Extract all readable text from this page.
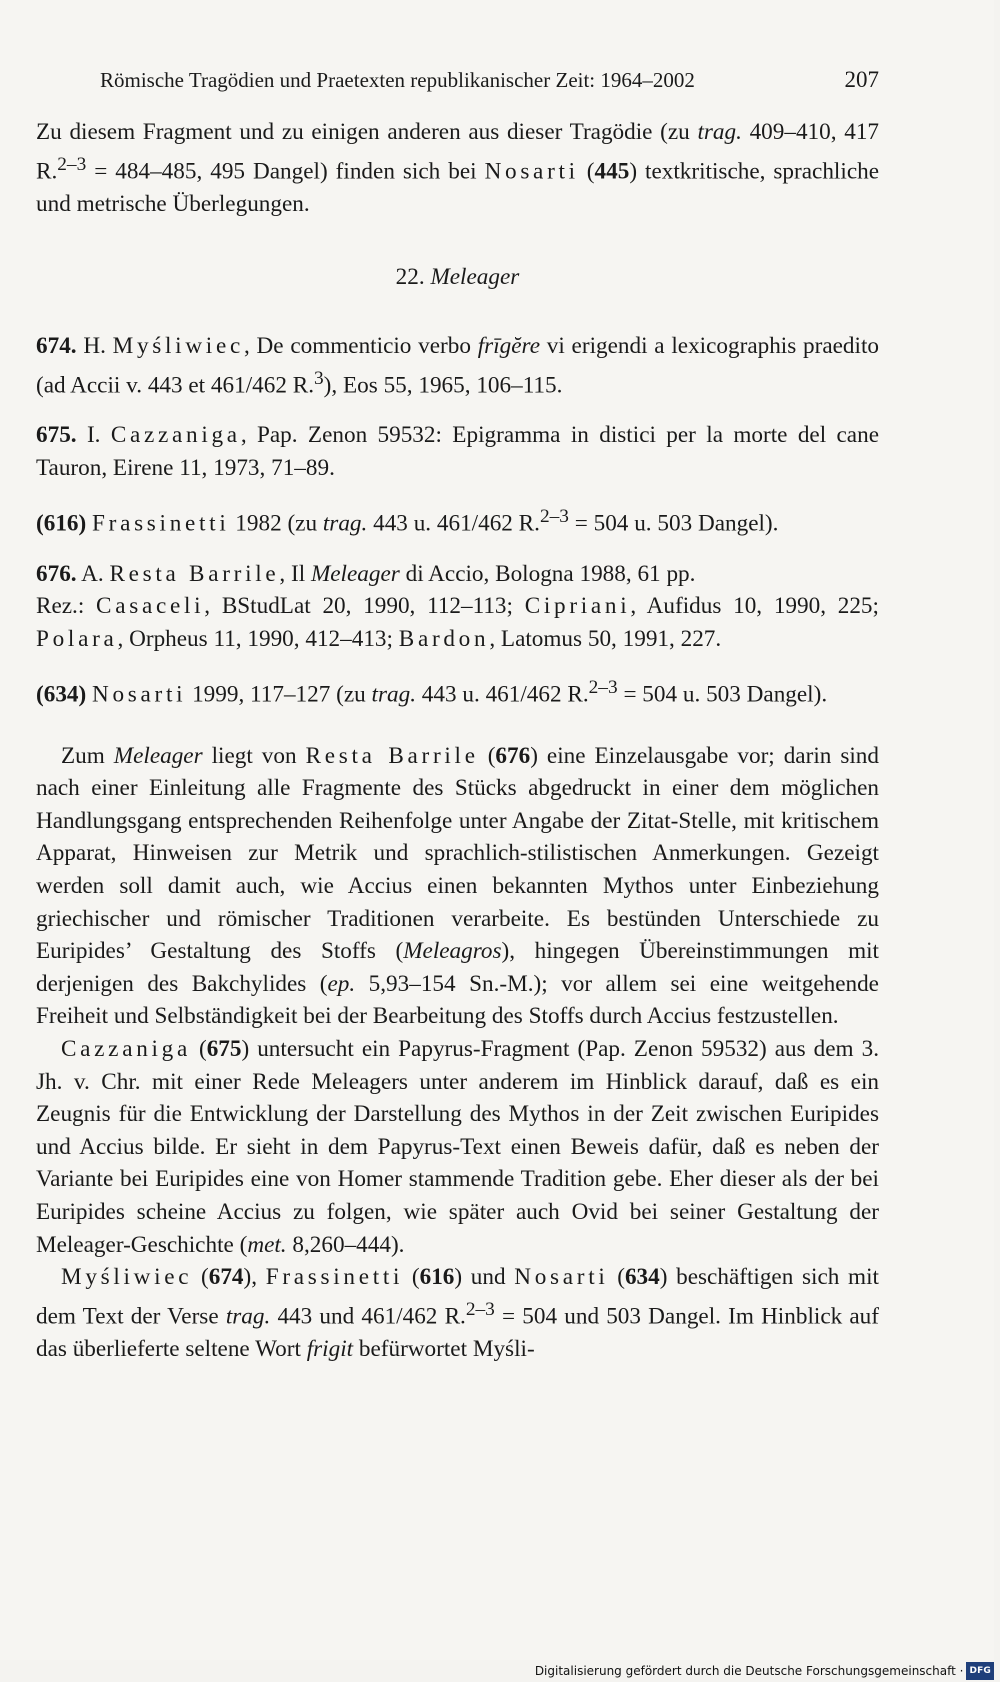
Römische Tragödien und Praetexten republikanischer Zeit: 1964–2002	207

Zu diesem Fragment und zu einigen anderen aus dieser Tragödie (zu trag. 409–410, 417 R.$^{2-3}$ = 484–485, 495 Dangel) finden sich bei Nosarti (445) textkritische, sprachliche und metrische Überlegungen.

22. Meleager

674. H. Myśliwiec, De commenticio verbo frīgĕre vi erigendi a lexicographis praedito (ad Accii v. 443 et 461/462 R.$^3$), Eos 55, 1965, 106–115.

675. I. Cazzaniga, Pap. Zenon 59532: Epigramma in distici per la morte del cane Tauron, Eirene 11, 1973, 71–89.

(616) Frassinetti 1982 (zu trag. 443 u. 461/462 R.$^{2-3}$ = 504 u. 503 Dangel).

676. A. Resta Barrile, Il Meleager di Accio, Bologna 1988, 61 pp.

Rez.: Casaceli, BStudLat 20, 1990, 112–113; Cipriani, Aufidus 10, 1990, 225; Polara, Orpheus 11, 1990, 412–413; Bardon, Latomus 50, 1991, 227.

(634) Nosarti 1999, 117–127 (zu trag. 443 u. 461/462 R.$^{2-3}$ = 504 u. 503 Dangel).

Zum Meleager liegt von Resta Barrile (676) eine Einzelausgabe vor; darin sind nach einer Einleitung alle Fragmente des Stücks abgedruckt in einer dem möglichen Handlungsgang entsprechenden Reihenfolge unter Angabe der Zitat-Stelle, mit kritischem Apparat, Hinweisen zur Metrik und sprachlich-stilistischen Anmerkungen. Gezeigt werden soll damit auch, wie Accius einen bekannten Mythos unter Einbeziehung griechischer und römischer Traditionen verarbeite. Es bestünden Unterschiede zu Euripides’ Gestaltung des Stoffs (Meleagros), hingegen Übereinstimmungen mit derjenigen des Bakchylides (ep. 5,93–154 Sn.-M.); vor allem sei eine weitgehende Freiheit und Selbständigkeit bei der Bearbeitung des Stoffs durch Accius festzustellen.

Cazzaniga (675) untersucht ein Papyrus-Fragment (Pap. Zenon 59532) aus dem 3. Jh. v. Chr. mit einer Rede Meleagers unter anderem im Hinblick darauf, daß es ein Zeugnis für die Entwicklung der Darstellung des Mythos in der Zeit zwischen Euripides und Accius bilde. Er sieht in dem Papyrus-Text einen Beweis dafür, daß es neben der Variante bei Euripides eine von Homer stammende Tradition gebe. Eher dieser als der bei Euripides scheine Accius zu folgen, wie später auch Ovid bei seiner Gestaltung der Meleager-Geschichte (met. 8,260–444).

Myśliwiec (674), Frassinetti (616) und Nosarti (634) beschäftigen sich mit dem Text der Verse trag. 443 und 461/462 R.$^{2-3}$ = 504 und 503 Dangel. Im Hinblick auf das überlieferte seltene Wort frigit befürwortet Myśli-

Digitalisierung gefördert durch die Deutsche Forschungsgemeinschaft · DFG
